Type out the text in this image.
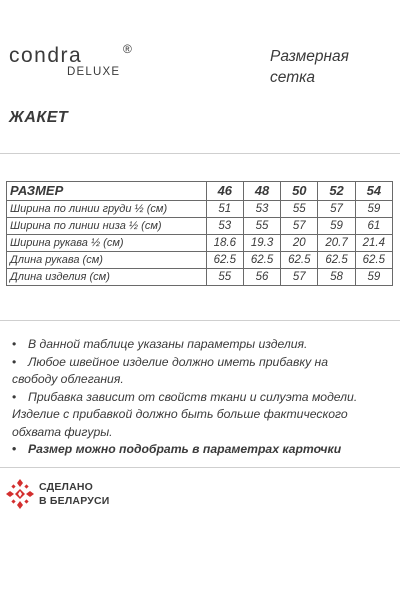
condra	®
DELUXE
Размерная
сетка
ЖАКЕТ
РАЗМЕР	46	48	50	52	54
Ширина по линии груди ½ (см)	51	53	55	57	59
Ширина по линии низа ½ (см)	53	55	57	59	61
Ширина рукава ½ (см)	18.6	19.3	20	20.7	21.4
Длина рукава (см)	62.5	62.5	62.5	62.5	62.5
Длина изделия (см)	55	56	57	58	59
• В данной таблице указаны параметры изделия.
• Любое швейное изделие должно иметь прибавку на
свободу облегания.
• Прибавка зависит от свойств ткани и силуэта модели.
Изделие с прибавкой должно быть больше фактического
обхвата фигуры.
• Размер можно подобрать в параметрах карточки
СДЕЛАНО
В БЕЛАРУСИ
